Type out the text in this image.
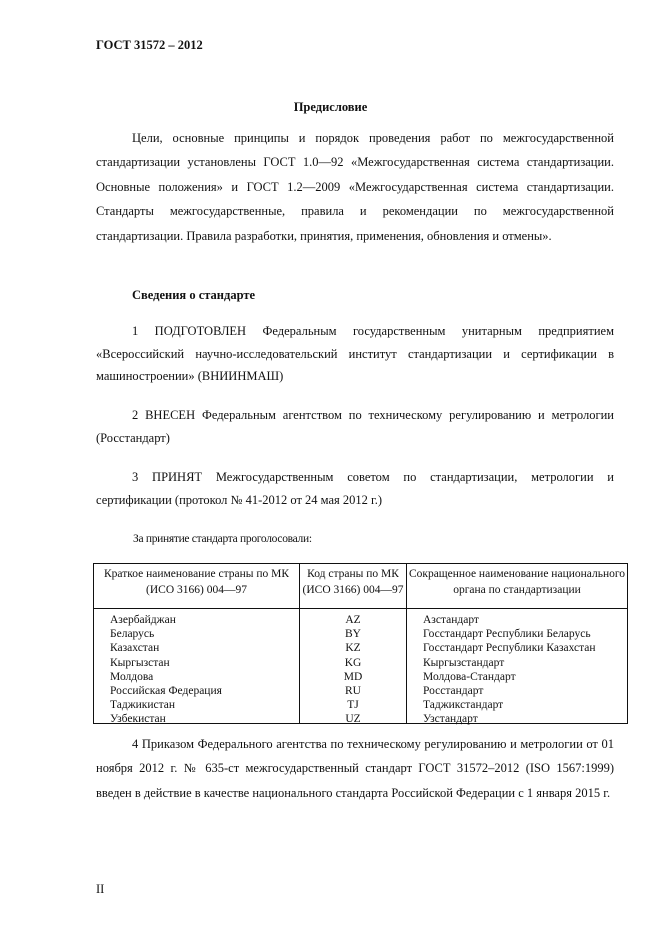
ГОСТ 31572 – 2012
Предисловие
Цели, основные принципы и порядок проведения работ по межгосударственной стандартизации установлены ГОСТ 1.0—92 «Межгосударственная система стандартизации. Основные положения» и ГОСТ 1.2—2009 «Межгосударственная система стандартизации. Стандарты межгосударственные, правила и рекомендации по межгосударственной стандартизации. Правила разработки, принятия, применения, обновления и отмены».
Сведения о стандарте
1 ПОДГОТОВЛЕН Федеральным государственным унитарным предприятием «Всероссийский научно-исследовательский институт стандартизации и сертификации в машиностроении» (ВНИИНМАШ)
2 ВНЕСЕН Федеральным агентством по техническому регулированию и метрологии (Росстандарт)
3 ПРИНЯТ Межгосударственным советом по стандартизации, метрологии и сертификации (протокол № 41-2012 от 24 мая 2012 г.)
За принятие стандарта проголосовали:
Краткое наименование страны по МК (ИСО 3166) 004—97
Код страны по МК (ИСО 3166) 004—97
Сокращенное наименование национального органа по стандартизации
Азербайджан
Беларусь
Казахстан
Кыргызстан
Молдова
Российская Федерация
Таджикистан
Узбекистан
AZ
BY
KZ
KG
MD
RU
TJ
UZ
Азстандарт
Госстандарт Республики Беларусь
Госстандарт Республики Казахстан
Кыргызстандарт
Молдова-Стандарт
Росстандарт
Таджикстандарт
Узстандарт
4 Приказом Федерального агентства по техническому регулированию и метрологии от 01 ноября 2012 г. № 635-ст межгосударственный стандарт ГОСТ 31572–2012 (ISO 1567:1999) введен в действие в качестве национального стандарта Российской Федерации с 1 января 2015 г.
II
